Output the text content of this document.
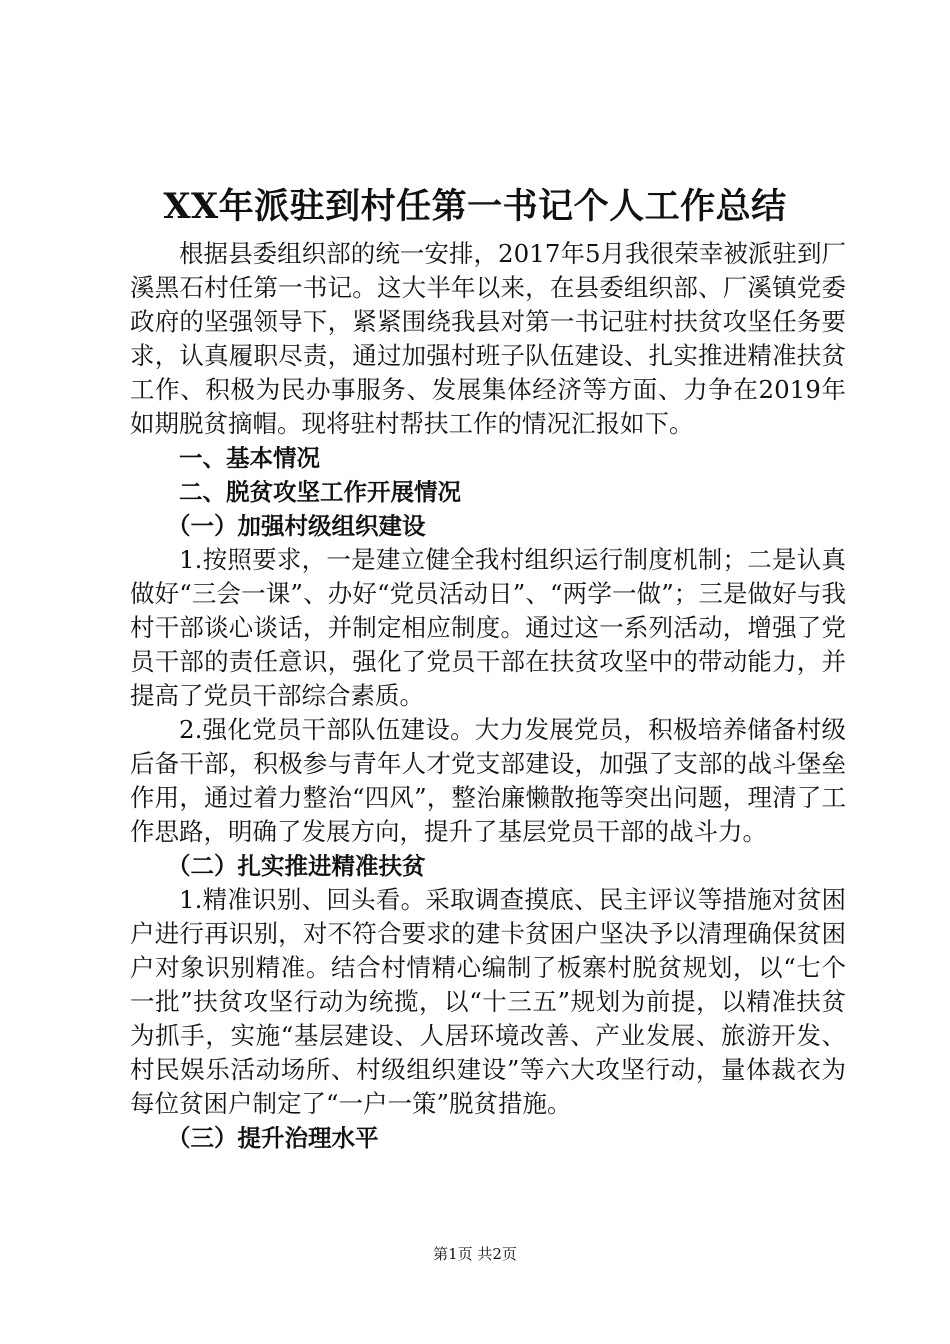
XX年派驻到村任第一书记个人工作总结

根据县委组织部的统一安排，2017年5月我很荣幸被派驻到厂溪黑石村任第一书记。这大半年以来，在县委组织部、厂溪镇党委政府的坚强领导下，紧紧围绕我县对第一书记驻村扶贫攻坚任务要求，认真履职尽责，通过加强村班子队伍建设、扎实推进精准扶贫工作、积极为民办事服务、发展集体经济等方面、力争在2019年如期脱贫摘帽。现将驻村帮扶工作的情况汇报如下。

一、基本情况

二、脱贫攻坚工作开展情况

（一）加强村级组织建设

1.按照要求，一是建立健全我村组织运行制度机制；二是认真做好“三会一课”、办好“党员活动日”、“两学一做”；三是做好与我村干部谈心谈话，并制定相应制度。通过这一系列活动，增强了党员干部的责任意识，强化了党员干部在扶贫攻坚中的带动能力，并提高了党员干部综合素质。

2.强化党员干部队伍建设。大力发展党员，积极培养储备村级后备干部，积极参与青年人才党支部建设，加强了支部的战斗堡垒作用，通过着力整治“四风”，整治廉懒散拖等突出问题，理清了工作思路，明确了发展方向，提升了基层党员干部的战斗力。

（二）扎实推进精准扶贫

1.精准识别、回头看。采取调查摸底、民主评议等措施对贫困户进行再识别，对不符合要求的建卡贫困户坚决予以清理确保贫困户对象识别精准。结合村情精心编制了板寨村脱贫规划，以“七个一批”扶贫攻坚行动为统揽，以“十三五”规划为前提，以精准扶贫为抓手，实施“基层建设、人居环境改善、产业发展、旅游开发、村民娱乐活动场所、村级组织建设”等六大攻坚行动，量体裁衣为每位贫困户制定了“一户一策”脱贫措施。

（三）提升治理水平

第1页 共2页
